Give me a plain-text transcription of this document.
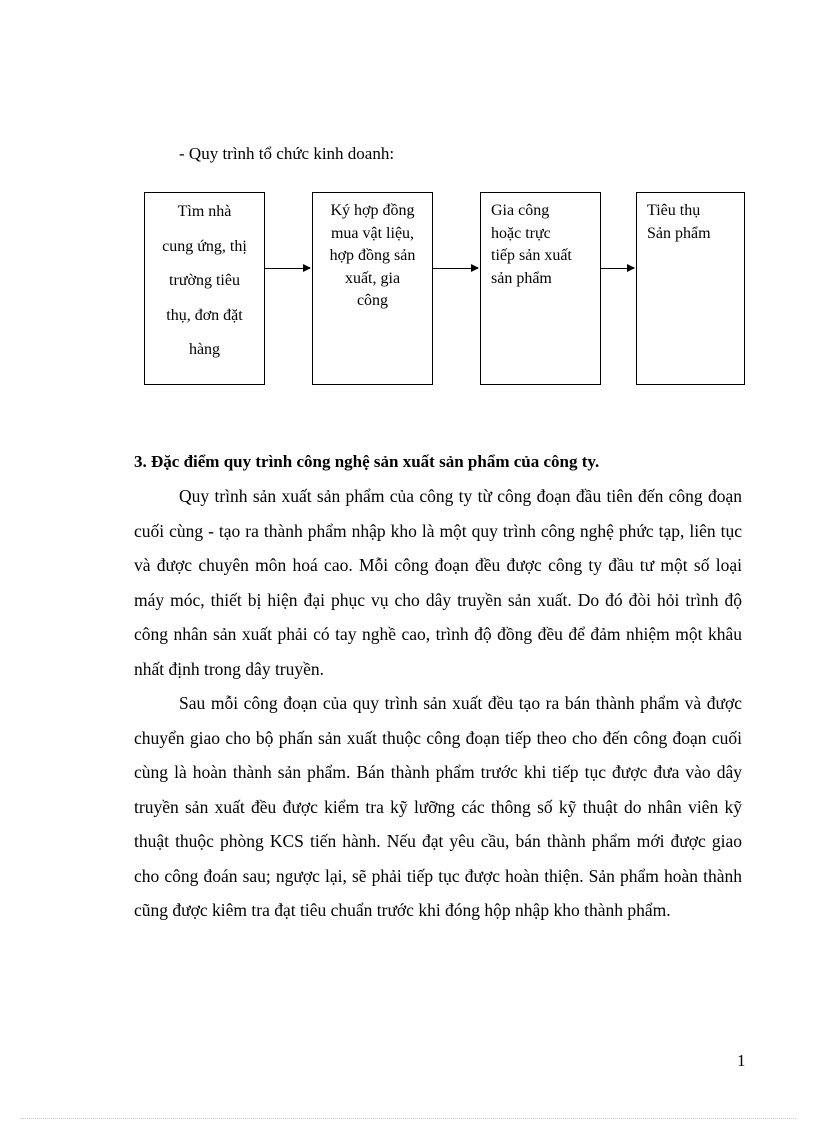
- Quy trình tổ chức kinh doanh:
Tìm nhà
cung ứng, thị
trường tiêu
thụ, đơn đặt
hàng
Ký hợp đồng
mua vật liệu,
hợp đồng sản
xuất, gia
công
Gia công
hoặc trực
tiếp sản xuất
sản phẩm
Tiêu thụ
Sản phẩm
3. Đặc điểm quy trình công nghệ sản xuất sản phẩm của công ty.

Quy trình sản xuất sản phẩm của công ty từ công đoạn đầu tiên đến công đoạn cuối cùng - tạo ra thành phẩm nhập kho là một quy trình công nghệ phức tạp, liên tục và được chuyên môn hoá cao. Mỗi công đoạn đều được công ty đầu tư một số loại máy móc, thiết bị hiện đại phục vụ cho dây truyền sản xuất. Do đó đòi hỏi trình độ công nhân sản xuất phải có tay nghề cao, trình độ đồng đều để đảm nhiệm một khâu nhất định trong dây truyền.

Sau mỗi công đoạn của quy trình sản xuất đều tạo ra bán thành phẩm và được chuyển giao cho bộ phấn sản xuất thuộc công đoạn tiếp theo cho đến công đoạn cuối cùng là hoàn thành sản phẩm. Bán thành phẩm trước khi tiếp tục được đưa vào dây truyền sản xuất đều được kiểm tra kỹ lưỡng các thông số kỹ thuật do nhân viên kỹ thuật thuộc phòng KCS tiến hành. Nếu đạt yêu cầu, bán thành phẩm mới được giao cho công đoán sau; ngược lại, sẽ phải tiếp tục được hoàn thiện. Sản phẩm hoàn thành cũng được kiêm tra đạt tiêu chuẩn trước khi đóng hộp nhập kho thành phẩm.

1
